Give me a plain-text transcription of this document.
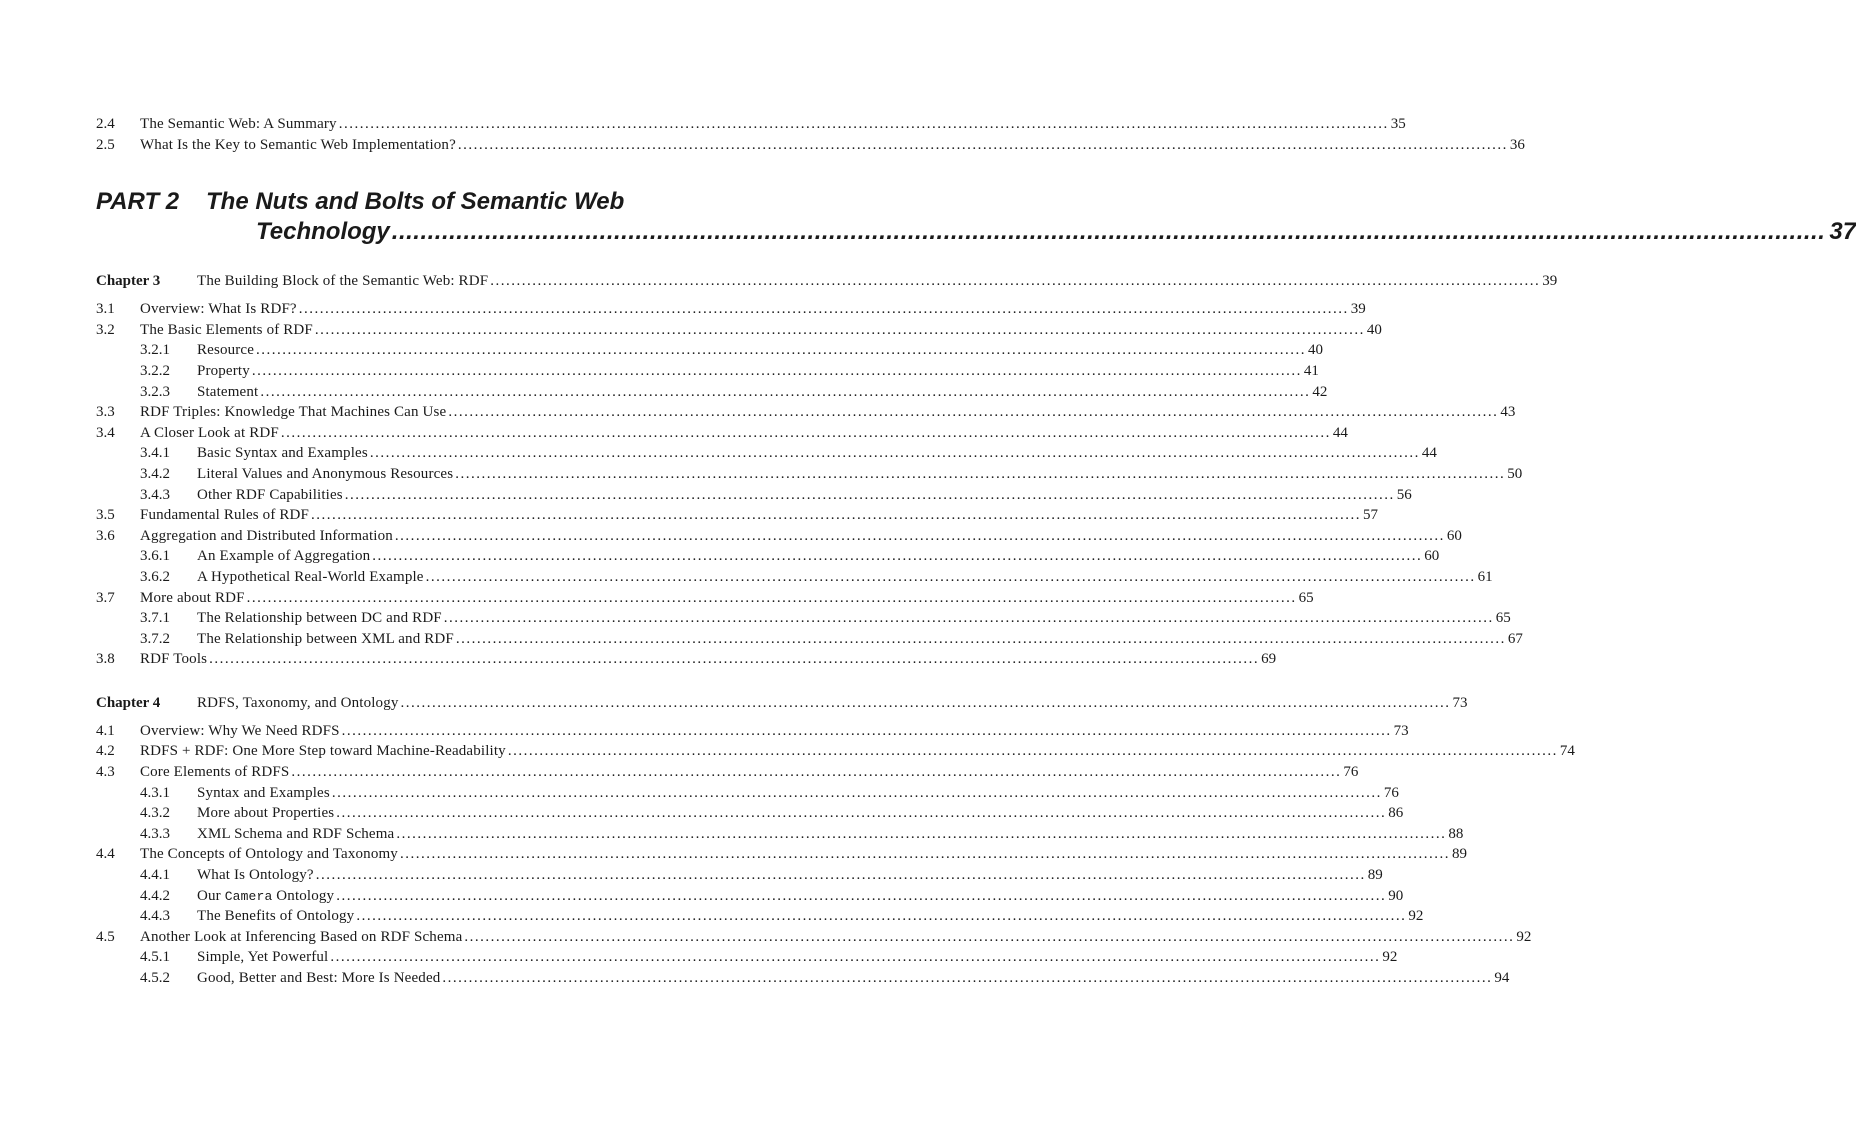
2.4	The Semantic Web: A Summary .....	35
2.5	What Is the Key to Semantic Web Implementation? .....	36
PART 2	The Nuts and Bolts of Semantic Web
Technology .....	37
Chapter 3	The Building Block of the Semantic Web: RDF .....	39
3.1	Overview: What Is RDF? .....	39
3.2	The Basic Elements of RDF .....	40
3.2.1	Resource .....	40
3.2.2	Property .....	41
3.2.3	Statement .....	42
3.3	RDF Triples: Knowledge That Machines Can Use .....	43
3.4	A Closer Look at RDF .....	44
3.4.1	Basic Syntax and Examples .....	44
3.4.2	Literal Values and Anonymous Resources .....	50
3.4.3	Other RDF Capabilities .....	56
3.5	Fundamental Rules of RDF .....	57
3.6	Aggregation and Distributed Information .....	60
3.6.1	An Example of Aggregation .....	60
3.6.2	A Hypothetical Real-World Example .....	61
3.7	More about RDF .....	65
3.7.1	The Relationship between DC and RDF .....	65
3.7.2	The Relationship between XML and RDF .....	67
3.8	RDF Tools .....	69
Chapter 4	RDFS, Taxonomy, and Ontology .....	73
4.1	Overview: Why We Need RDFS .....	73
4.2	RDFS + RDF: One More Step toward Machine-Readability .....	74
4.3	Core Elements of RDFS .....	76
4.3.1	Syntax and Examples .....	76
4.3.2	More about Properties .....	86
4.3.3	XML Schema and RDF Schema .....	88
4.4	The Concepts of Ontology and Taxonomy .....	89
4.4.1	What Is Ontology? .....	89
4.4.2	Our Camera Ontology .....	90
4.4.3	The Benefits of Ontology .....	92
4.5	Another Look at Inferencing Based on RDF Schema .....	92
4.5.1	Simple, Yet Powerful .....	92
4.5.2	Good, Better and Best: More Is Needed .....	94
